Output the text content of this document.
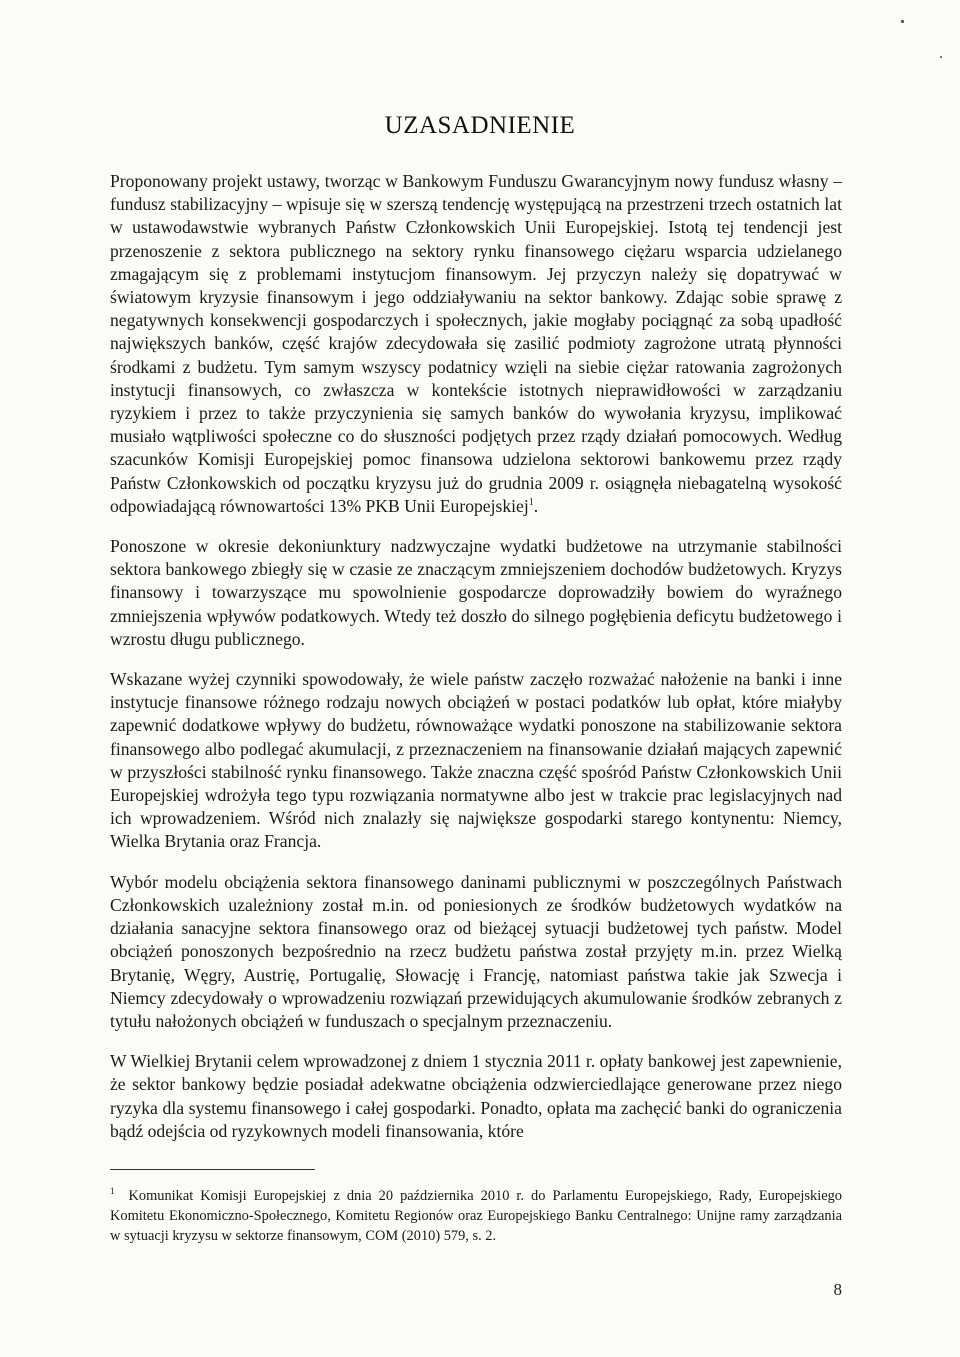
UZASADNIENIE

Proponowany projekt ustawy, tworząc w Bankowym Funduszu Gwarancyjnym nowy fundusz własny – fundusz stabilizacyjny – wpisuje się w szerszą tendencję występującą na przestrzeni trzech ostatnich lat w ustawodawstwie wybranych Państw Członkowskich Unii Europejskiej. Istotą tej tendencji jest przenoszenie z sektora publicznego na sektory rynku finansowego ciężaru wsparcia udzielanego zmagającym się z problemami instytucjom finansowym. Jej przyczyn należy się dopatrywać w światowym kryzysie finansowym i jego oddziaływaniu na sektor bankowy. Zdając sobie sprawę z negatywnych konsekwencji gospodarczych i społecznych, jakie mogłaby pociągnąć za sobą upadłość największych banków, część krajów zdecydowała się zasilić podmioty zagrożone utratą płynności środkami z budżetu. Tym samym wszyscy podatnicy wzięli na siebie ciężar ratowania zagrożonych instytucji finansowych, co zwłaszcza w kontekście istotnych nieprawidłowości w zarządzaniu ryzykiem i przez to także przyczynienia się samych banków do wywołania kryzysu, implikować musiało wątpliwości społeczne co do słuszności podjętych przez rządy działań pomocowych. Według szacunków Komisji Europejskiej pomoc finansowa udzielona sektorowi bankowemu przez rządy Państw Członkowskich od początku kryzysu już do grudnia 2009 r. osiągnęła niebagatelną wysokość odpowiadającą równowartości 13% PKB Unii Europejskiej$^1$.

Ponoszone w okresie dekoniunktury nadzwyczajne wydatki budżetowe na utrzymanie stabilności sektora bankowego zbiegły się w czasie ze znaczącym zmniejszeniem dochodów budżetowych. Kryzys finansowy i towarzyszące mu spowolnienie gospodarcze doprowadziły bowiem do wyraźnego zmniejszenia wpływów podatkowych. Wtedy też doszło do silnego pogłębienia deficytu budżetowego i wzrostu długu publicznego.

Wskazane wyżej czynniki spowodowały, że wiele państw zaczęło rozważać nałożenie na banki i inne instytucje finansowe różnego rodzaju nowych obciążeń w postaci podatków lub opłat, które miałyby zapewnić dodatkowe wpływy do budżetu, równoważące wydatki ponoszone na stabilizowanie sektora finansowego albo podlegać akumulacji, z przeznaczeniem na finansowanie działań mających zapewnić w przyszłości stabilność rynku finansowego. Także znaczna część spośród Państw Członkowskich Unii Europejskiej wdrożyła tego typu rozwiązania normatywne albo jest w trakcie prac legislacyjnych nad ich wprowadzeniem. Wśród nich znalazły się największe gospodarki starego kontynentu: Niemcy, Wielka Brytania oraz Francja.

Wybór modelu obciążenia sektora finansowego daninami publicznymi w poszczególnych Państwach Członkowskich uzależniony został m.in. od poniesionych ze środków budżetowych wydatków na działania sanacyjne sektora finansowego oraz od bieżącej sytuacji budżetowej tych państw. Model obciążeń ponoszonych bezpośrednio na rzecz budżetu państwa został przyjęty m.in. przez Wielką Brytanię, Węgry, Austrię, Portugalię, Słowację i Francję, natomiast państwa takie jak Szwecja i Niemcy zdecydowały o wprowadzeniu rozwiązań przewidujących akumulowanie środków zebranych z tytułu nałożonych obciążeń w funduszach o specjalnym przeznaczeniu.

W Wielkiej Brytanii celem wprowadzonej z dniem 1 stycznia 2011 r. opłaty bankowej jest zapewnienie, że sektor bankowy będzie posiadał adekwatne obciążenia odzwierciedlające generowane przez niego ryzyka dla systemu finansowego i całej gospodarki. Ponadto, opłata ma zachęcić banki do ograniczenia bądź odejścia od ryzykownych modeli finansowania, które

$^1$ Komunikat Komisji Europejskiej z dnia 20 października 2010 r. do Parlamentu Europejskiego, Rady, Europejskiego Komitetu Ekonomiczno-Społecznego, Komitetu Regionów oraz Europejskiego Banku Centralnego: Unijne ramy zarządzania w sytuacji kryzysu w sektorze finansowym, COM (2010) 579, s. 2.
8
